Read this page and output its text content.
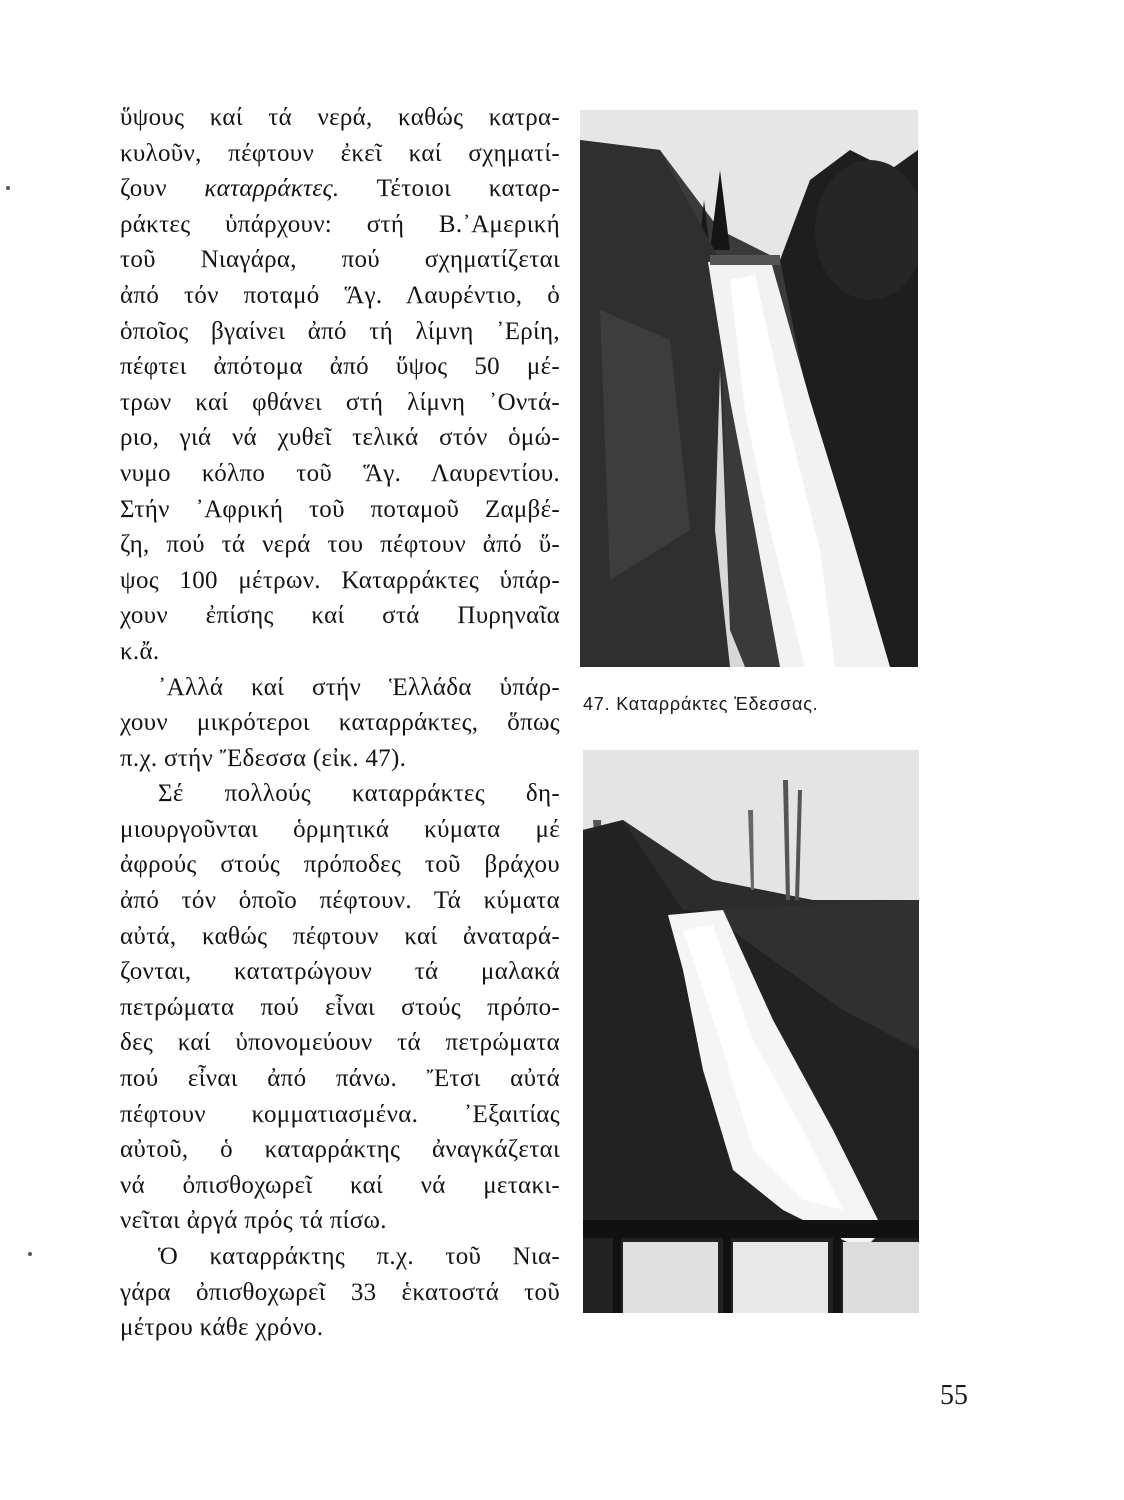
ὕψους καί τά νερά, καθώς κατρα-
κυλοῦν, πέφτουν ἐκεῖ καί σχηματί-
ζουν καταρράκτες. Τέτοιοι καταρ-
ράκτες ὑπάρχουν: στή Β.᾿Αμερική
τοῦ Νιαγάρα, πού σχηματίζεται
ἀπό τόν ποταμό Ἅγ. Λαυρέντιο, ὁ
ὁποῖος βγαίνει ἀπό τή λίμνη ᾿Ερίη,
πέφτει ἀπότομα ἀπό ὕψος 50 μέ-
τρων καί φθάνει στή λίμνη ᾿Οντά-
ριο, γιά νά χυθεῖ τελικά στόν ὁμώ-
νυμο κόλπο τοῦ Ἅγ. Λαυρεντίου.
Στήν ᾿Αφρική τοῦ ποταμοῦ Ζαμβέ-
ζη, πού τά νερά του πέφτουν ἀπό ὕ-
ψος 100 μέτρων. Καταρράκτες ὑπάρ-
χουν ἐπίσης καί στά Πυρηναῖα
κ.ἄ.
᾿Αλλά καί στήν Ἑλλάδα ὑπάρ-
χουν μικρότεροι καταρράκτες, ὅπως
π.χ. στήν Ἔδεσσα (εἰκ. 47).
Σέ πολλούς καταρράκτες δη-
μιουργοῦνται ὁρμητικά κύματα μέ
ἀφρούς στούς πρόποδες τοῦ βράχου
ἀπό τόν ὁποῖο πέφτουν. Τά κύματα
αὐτά, καθώς πέφτουν καί ἀναταρά-
ζονται, κατατρώγουν τά μαλακά
πετρώματα πού εἶναι στούς πρόπο-
δες καί ὑπονομεύουν τά πετρώματα
πού εἶναι ἀπό πάνω. Ἔτσι αὐτά
πέφτουν κομματιασμένα. ᾿Εξαιτίας
αὐτοῦ, ὁ καταρράκτης ἀναγκάζεται
νά ὀπισθοχωρεῖ καί νά μετακι-
νεῖται ἀργά πρός τά πίσω.
Ὁ καταρράκτης π.χ. τοῦ Νια-
γάρα ὀπισθοχωρεῖ 33 ἑκατοστά τοῦ
μέτρου κάθε χρόνο.
47. Καταρράκτες Ἐδεσσας.
55
